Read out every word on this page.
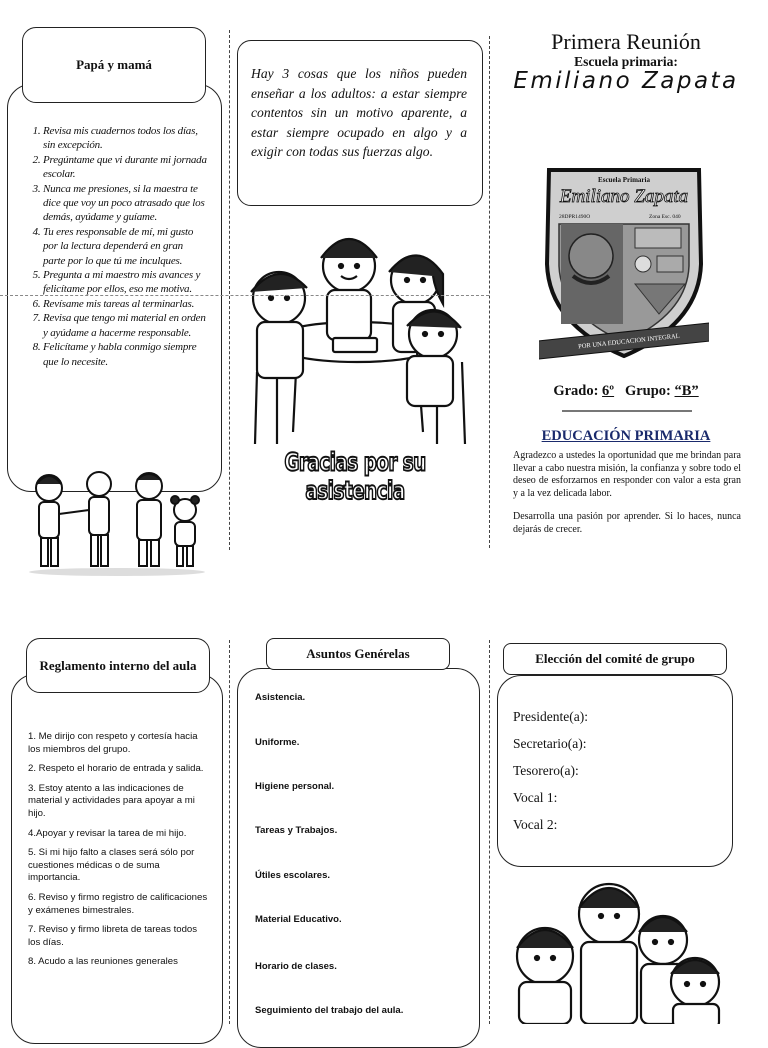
Papá y mamá
1. Revisa mis cuadernos todos los días, sin excepción.
2. Pregúntame que vi durante mi jornada escolar.
3. Nunca me presiones, si la maestra te dice que voy un poco atrasado que los demás, ayúdame y guíame.
4. Tu eres responsable de mí, mi gusto por la lectura dependerá en gran parte por lo que tú me inculques.
5. Pregunta a mi maestro mis avances y felicítame por ellos, eso me motiva.
6. Revísame mis tareas al terminarlas.
7. Revisa que tengo mi material en orden y ayúdame a hacerme responsable.
8. Felicítame y habla conmigo siempre que lo necesite.
Hay 3 cosas que los niños pueden enseñar a los adultos: a estar siempre contentos sin un motivo aparente, a estar siempre ocupado en algo y a exigir con todas sus fuerzas algo.
Gracias por su asistencia
Primera Reunión
Escuela primaria:
Emiliano Zapata
Escuela Primaria
Emiliano Zapata
28DPR1490O	Zona Esc. 040
POR UNA EDUCACION INTEGRAL
Grado: 6º Grupo: “B”
EDUCACIÓN PRIMARIA
Agradezco a ustedes la oportunidad que me brindan para llevar a cabo nuestra misión, la confianza y sobre todo el deseo de esforzarnos en responder con valor a esta gran y a la vez delicada labor.
Desarrolla una pasión por aprender. Si lo haces, nunca dejarás de crecer.
Reglamento interno del aula

1. Me dirijo con respeto y cortesía hacia los miembros del grupo.

2. Respeto el horario de entrada y salida.

3. Estoy atento a las indicaciones de material y actividades para apoyar a mi hijo.

4.Apoyar y revisar la tarea de mi hijo.

5. Si mi hijo falto a clases será sólo por cuestiones médicas o de suma importancia.

6. Reviso y firmo registro de calificaciones y exámenes bimestrales.

7. Reviso y firmo libreta de tareas todos los días.

8. Acudo a las reuniones generales

Asuntos Genérelas

Asistencia.

Uniforme.

Higiene personal.

Tareas y Trabajos.

Útiles escolares.

Material Educativo.

Horario de clases.

Seguimiento del trabajo del aula.

Elección del comité de grupo

Presidente(a):

Secretario(a):

Tesorero(a):

Vocal 1:

Vocal 2:
